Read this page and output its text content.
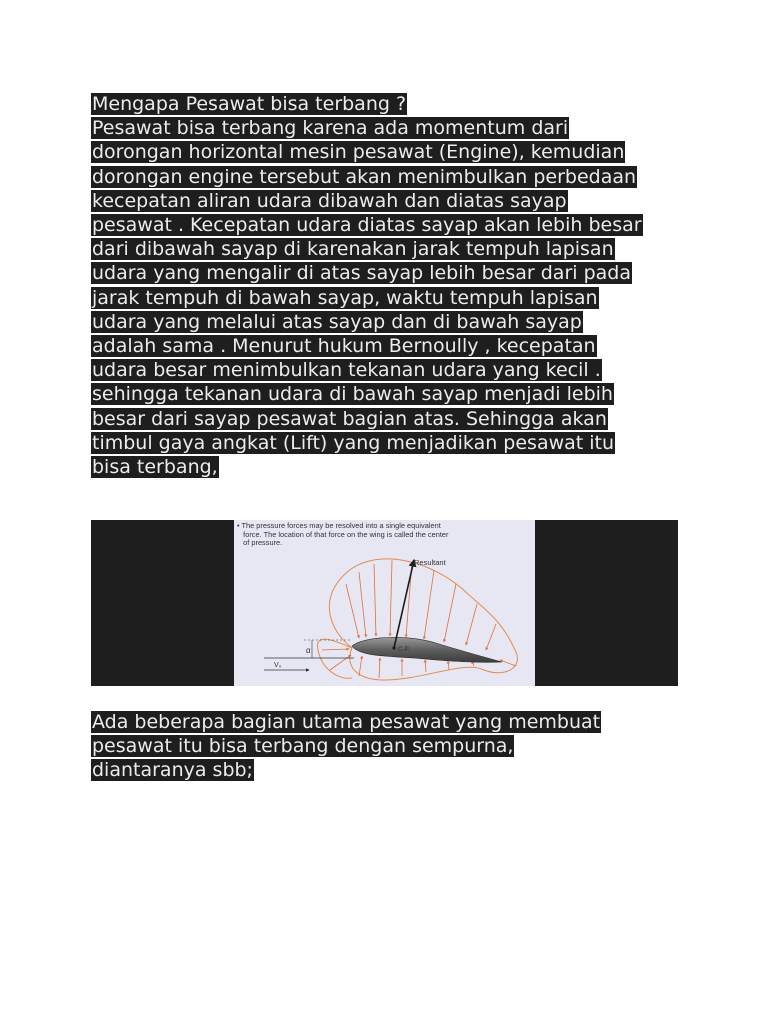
Mengapa Pesawat bisa terbang ?
Pesawat bisa terbang karena ada momentum dari
dorongan horizontal mesin pesawat (Engine), kemudian
dorongan engine tersebut akan menimbulkan perbedaan
kecepatan aliran udara dibawah dan diatas sayap
pesawat . Kecepatan udara diatas sayap akan lebih besar
dari dibawah sayap di karenakan jarak tempuh lapisan
udara yang mengalir di atas sayap lebih besar dari pada
jarak tempuh di bawah sayap, waktu tempuh lapisan
udara yang melalui atas sayap dan di bawah sayap
adalah sama . Menurut hukum Bernoully , kecepatan
udara besar menimbulkan tekanan udara yang kecil .
sehingga tekanan udara di bawah sayap menjadi lebih
besar dari sayap pesawat bagian atas. Sehingga akan
timbul gaya angkat (Lift) yang menjadikan pesawat itu
bisa terbang,
• The pressure forces may be resolved into a single equivalent
force. The location of that force on the wing is called the center
of pressure.
V₀
α
Resultant
C.P.
Ada beberapa bagian utama pesawat yang membuat
pesawat itu bisa terbang dengan sempurna,
diantaranya sbb;
